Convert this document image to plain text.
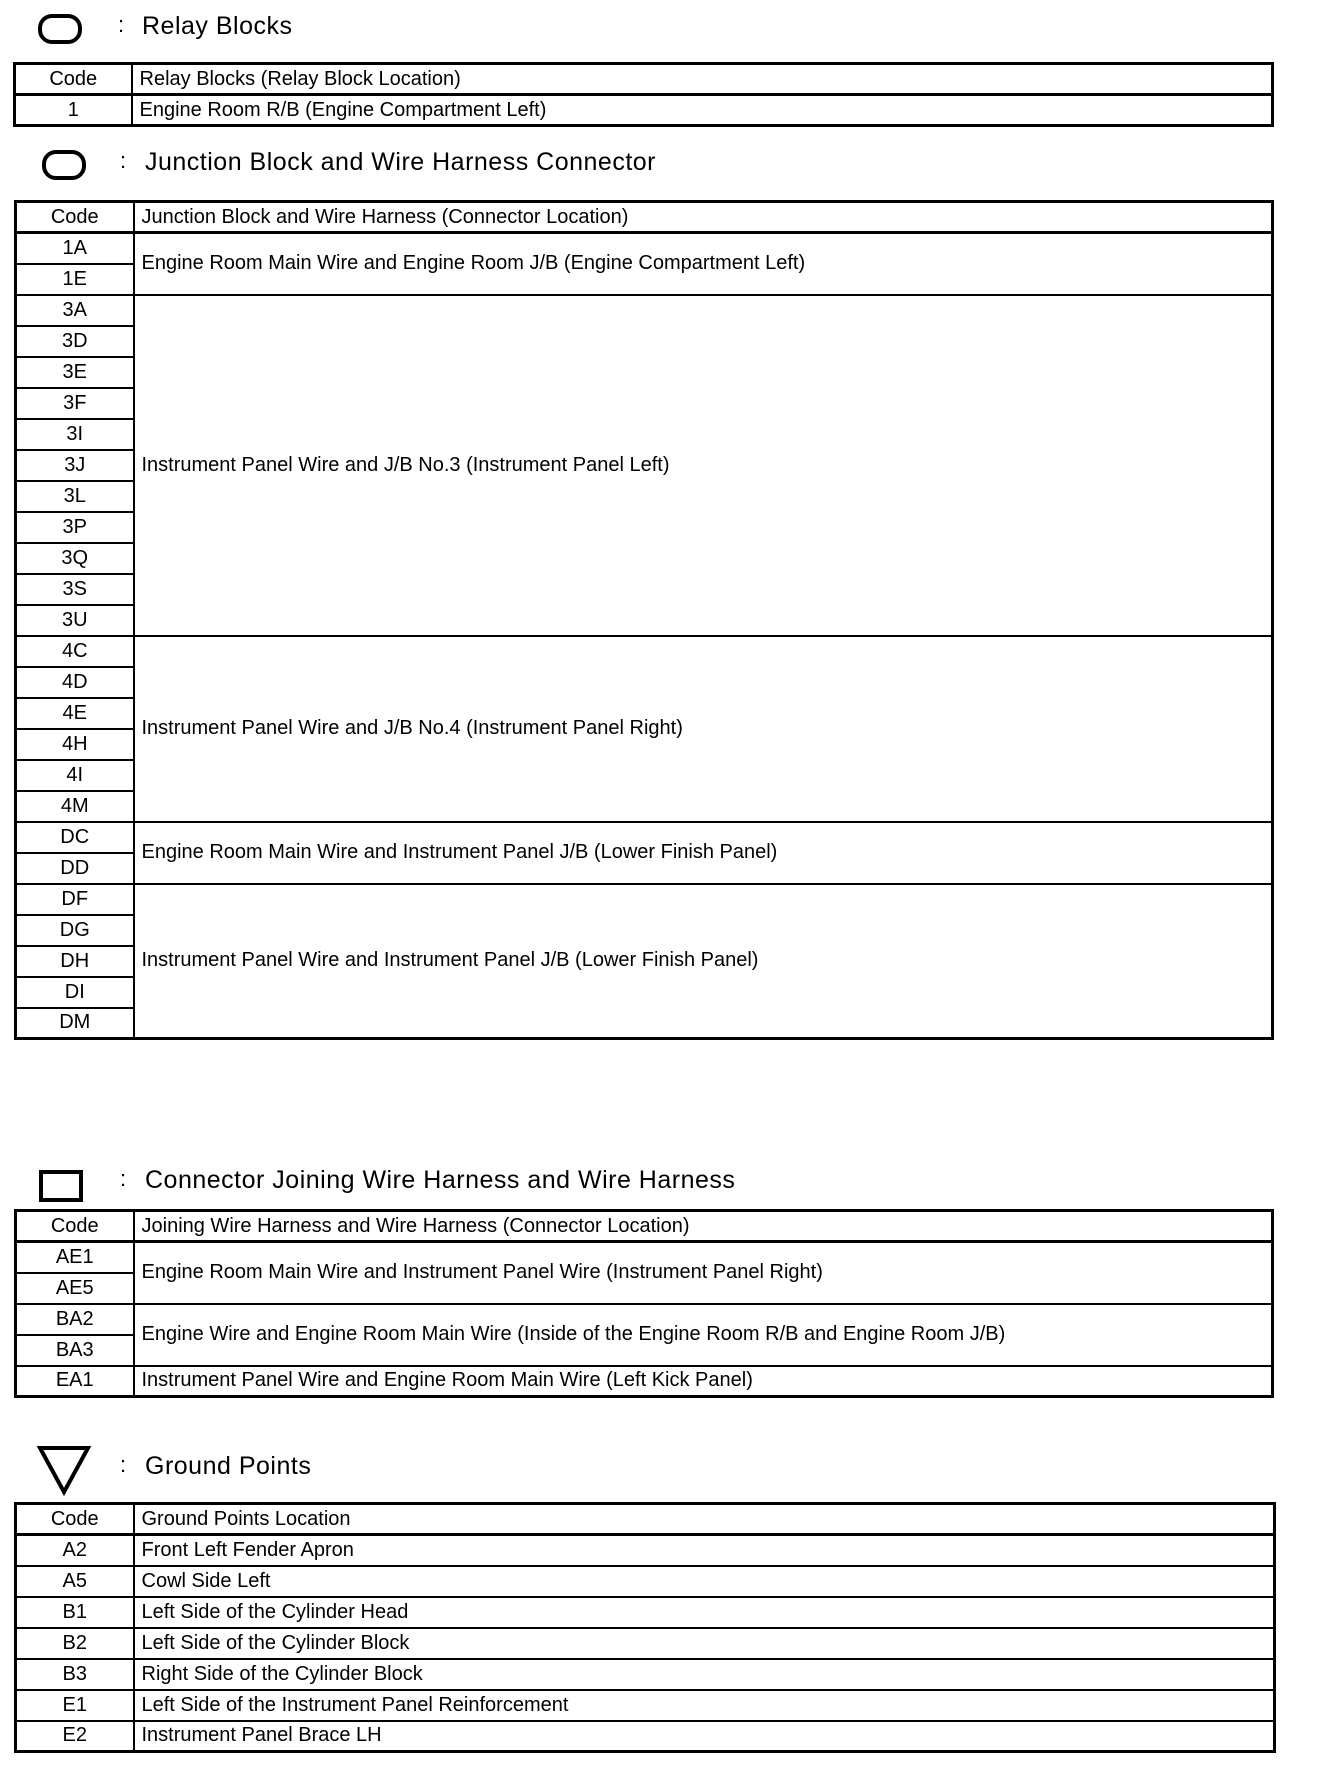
: Relay Blocks
Code	Relay Blocks (Relay Block Location)
1	Engine Room R/B (Engine Compartment Left)
: Junction Block and Wire Harness Connector
Code	Junction Block and Wire Harness (Connector Location)
1A	Engine Room Main Wire and Engine Room J/B (Engine Compartment Left)
1E	
3A	Instrument Panel Wire and J/B No.3 (Instrument Panel Left)
3D	
3E	
3F	
3I	
3J	
3L	
3P	
3Q	
3S	
3U	
4C	Instrument Panel Wire and J/B No.4 (Instrument Panel Right)
4D	
4E	
4H	
4I	
4M	
DC	Engine Room Main Wire and Instrument Panel J/B (Lower Finish Panel)
DD	
DF	Instrument Panel Wire and Instrument Panel J/B (Lower Finish Panel)
DG	
DH	
DI	
DM	
: Connector Joining Wire Harness and Wire Harness
Code	Joining Wire Harness and Wire Harness (Connector Location)
AE1	Engine Room Main Wire and Instrument Panel Wire (Instrument Panel Right)
AE5	
BA2	Engine Wire and Engine Room Main Wire (Inside of the Engine Room R/B and Engine Room J/B)
BA3	
EA1	Instrument Panel Wire and Engine Room Main Wire (Left Kick Panel)
: Ground Points
Code	Ground Points Location
A2	Front Left Fender Apron
A5	Cowl Side Left
B1	Left Side of the Cylinder Head
B2	Left Side of the Cylinder Block
B3	Right Side of the Cylinder Block
E1	Left Side of the Instrument Panel Reinforcement
E2	Instrument Panel Brace LH
